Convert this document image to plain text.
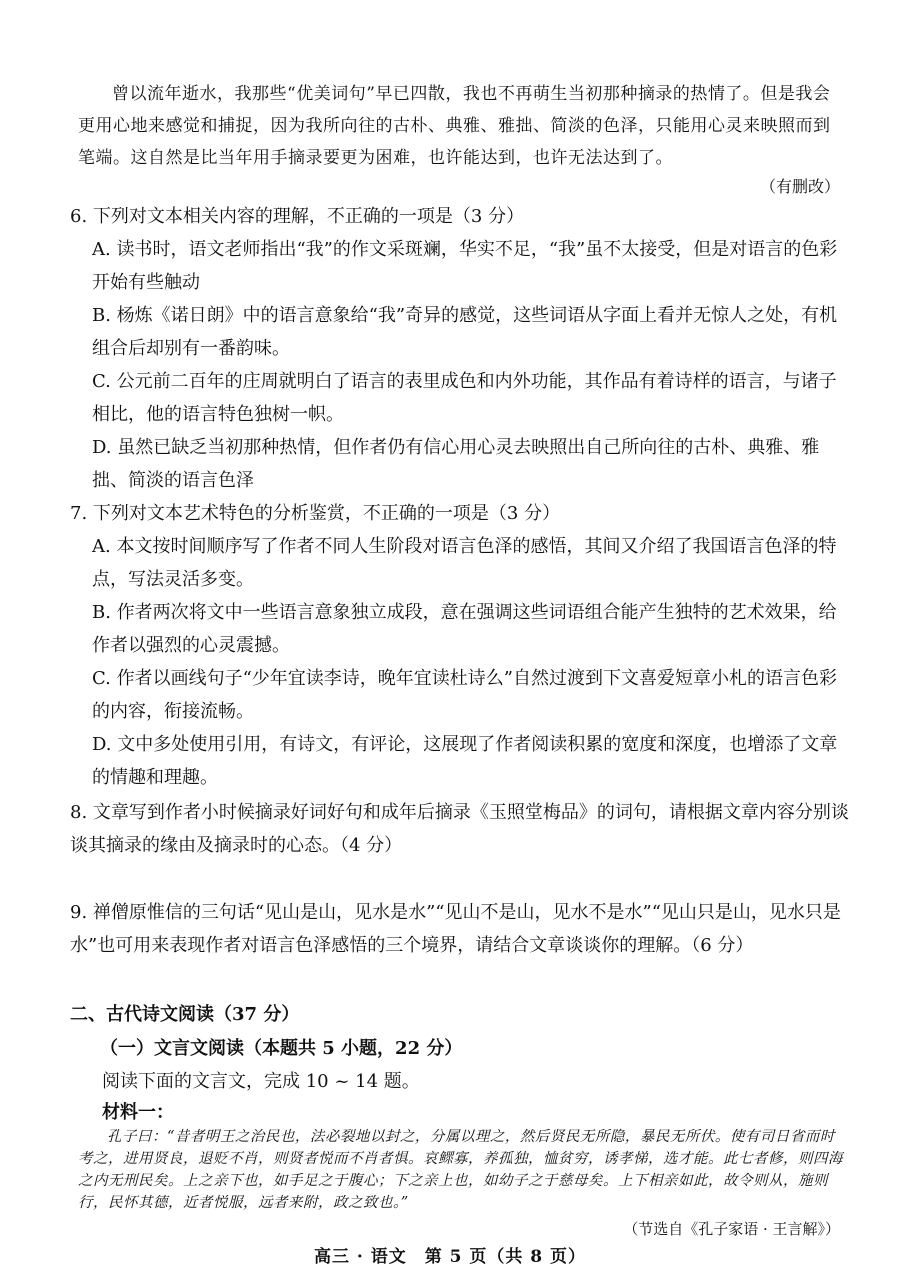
曾以流年逝水，我那些“优美词句”早已四散，我也不再萌生当初那种摘录的热情了。但是我会更用心地来感觉和捕捉，因为我所向往的古朴、典雅、雅拙、简淡的色泽，只能用心灵来映照而到笔端。这自然是比当年用手摘录要更为困难，也许能达到，也许无法达到了。

（有删改）

6. 下列对文本相关内容的理解，不正确的一项是（3 分）

A. 读书时，语文老师指出“我”的作文采斑斓，华实不足，“我”虽不太接受，但是对语言的色彩开始有些触动

B. 杨炼《诺日朗》中的语言意象给“我”奇异的感觉，这些词语从字面上看并无惊人之处，有机组合后却别有一番韵味。

C. 公元前二百年的庄周就明白了语言的表里成色和内外功能，其作品有着诗样的语言，与诸子相比，他的语言特色独树一帜。

D. 虽然已缺乏当初那种热情，但作者仍有信心用心灵去映照出自己所向往的古朴、典雅、雅拙、简淡的语言色泽

7. 下列对文本艺术特色的分析鉴赏，不正确的一项是（3 分）

A. 本文按时间顺序写了作者不同人生阶段对语言色泽的感悟，其间又介绍了我国语言色泽的特点，写法灵活多变。

B. 作者两次将文中一些语言意象独立成段，意在强调这些词语组合能产生独特的艺术效果，给作者以强烈的心灵震撼。

C. 作者以画线句子“少年宜读李诗，晚年宜读杜诗么”自然过渡到下文喜爱短章小札的语言色彩的内容，衔接流畅。

D. 文中多处使用引用，有诗文，有评论，这展现了作者阅读积累的宽度和深度，也增添了文章的情趣和理趣。

8. 文章写到作者小时候摘录好词好句和成年后摘录《玉照堂梅品》的词句，请根据文章内容分别谈谈其摘录的缘由及摘录时的心态。（4 分）

9. 禅僧原惟信的三句话“见山是山，见水是水”“见山不是山，见水不是水”“见山只是山，见水只是水”也可用来表现作者对语言色泽感悟的三个境界，请结合文章谈谈你的理解。（6 分）

二、古代诗文阅读（37 分）
（一）文言文阅读（本题共 5 小题，22 分）
阅读下面的文言文，完成 10 ~ 14 题。
材料一：

孔子曰：“昔者明王之治民也，法必裂地以封之，分属以理之，然后贤民无所隐，暴民无所伏。使有司日省而时考之，进用贤良，退贬不肖，则贤者悦而不肖者惧。哀鳏寡，养孤独，恤贫穷，诱孝悌，选才能。此七者修，则四海之内无刑民矣。上之亲下也，如手足之于腹心；下之亲上也，如幼子之于慈母矣。上下相亲如此，故令则从，施则行，民怀其德，近者悦服，远者来附，政之致也。”

（节选自《孔子家语 · 王言解》）
高三 · 语文　第 5 页（共 8 页）
